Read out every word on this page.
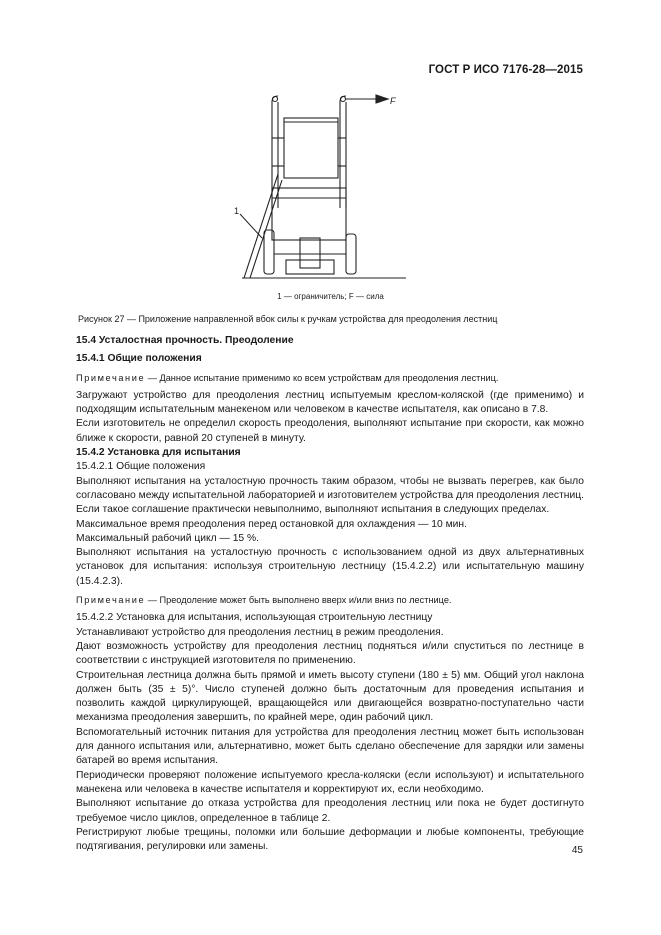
ГОСТ Р ИСО 7176-28—2015
F
1
1 — ограничитель; F — сила
Рисунок 27 — Приложение направленной вбок силы к ручкам устройства для преодоления лестниц

15.4 Усталостная прочность. Преодоление

15.4.1 Общие положения

Примечание — Данное испытание применимо ко всем устройствам для преодоления лестниц.

Загружают устройство для преодоления лестниц испытуемым креслом-коляской (где применимо) и подходящим испытательным манекеном или человеком в качестве испытателя, как описано в 7.8.

Если изготовитель не определил скорость преодоления, выполняют испытание при скорости, как можно ближе к скорости, равной 20 ступеней в минуту.

15.4.2 Установка для испытания

15.4.2.1 Общие положения

Выполняют испытания на усталостную прочность таким образом, чтобы не вызвать перегрев, как было согласовано между испытательной лабораторией и изготовителем устройства для преодоления лестниц. Если такое соглашение практически невыполнимо, выполняют испытания в следующих пределах.

Максимальное время преодоления перед остановкой для охлаждения — 10 мин.

Максимальный рабочий цикл — 15 %.

Выполняют испытания на усталостную прочность с использованием одной из двух альтернативных установок для испытания: используя строительную лестницу (15.4.2.2) или испытательную машину (15.4.2.3).

Примечание — Преодоление может быть выполнено вверх и/или вниз по лестнице.

15.4.2.2 Установка для испытания, использующая строительную лестницу

Устанавливают устройство для преодоления лестниц в режим преодоления.

Дают возможность устройству для преодоления лестниц подняться и/или спуститься по лестнице в соответствии с инструкцией изготовителя по применению.

Строительная лестница должна быть прямой и иметь высоту ступени (180 ± 5) мм. Общий угол наклона должен быть (35 ± 5)°. Число ступеней должно быть достаточным для проведения испытания и позволить каждой циркулирующей, вращающейся или двигающейся возвратно-поступательно части механизма преодоления завершить, по крайней мере, один рабочий цикл.

Вспомогательный источник питания для устройства для преодоления лестниц может быть использован для данного испытания или, альтернативно, может быть сделано обеспечение для зарядки или замены батарей во время испытания.

Периодически проверяют положение испытуемого кресла-коляски (если используют) и испытательного манекена или человека в качестве испытателя и корректируют их, если необходимо.

Выполняют испытание до отказа устройства для преодоления лестниц или пока не будет достигнуто требуемое число циклов, определенное в таблице 2.

Регистрируют любые трещины, поломки или большие деформации и любые компоненты, требующие подтягивания, регулировки или замены.	45
